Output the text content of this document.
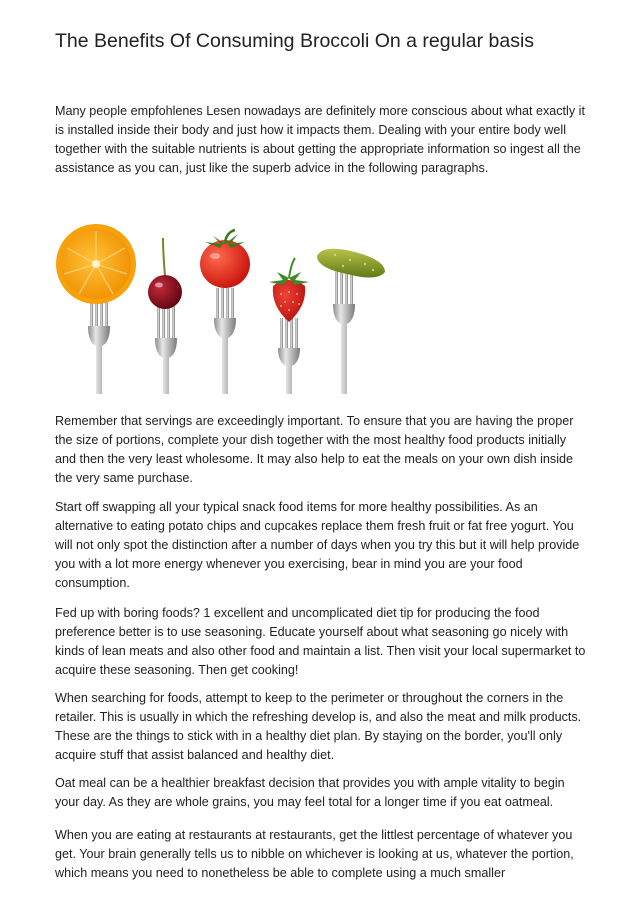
The Benefits Of Consuming Broccoli On a regular basis

Many people empfohlenes Lesen nowadays are definitely more conscious about what exactly it is installed inside their body and just how it impacts them. Dealing with your entire body well together with the suitable nutrients is about getting the appropriate information so ingest all the assistance as you can, just like the superb advice in the following paragraphs.

Remember that servings are exceedingly important. To ensure that you are having the proper the size of portions, complete your dish together with the most healthy food products initially and then the very least wholesome. It may also help to eat the meals on your own dish inside the very same purchase.

Start off swapping all your typical snack food items for more healthy possibilities. As an alternative to eating potato chips and cupcakes replace them fresh fruit or fat free yogurt. You will not only spot the distinction after a number of days when you try this but it will help provide you with a lot more energy whenever you exercising, bear in mind you are your food consumption.

Fed up with boring foods? 1 excellent and uncomplicated diet tip for producing the food preference better is to use seasoning. Educate yourself about what seasoning go nicely with kinds of lean meats and also other food and maintain a list. Then visit your local supermarket to acquire these seasoning. Then get cooking!

When searching for foods, attempt to keep to the perimeter or throughout the corners in the retailer. This is usually in which the refreshing develop is, and also the meat and milk products. These are the things to stick with in a healthy diet plan. By staying on the border, you'll only acquire stuff that assist balanced and healthy diet.

Oat meal can be a healthier breakfast decision that provides you with ample vitality to begin your day. As they are whole grains, you may feel total for a longer time if you eat oatmeal.

When you are eating at restaurants at restaurants, get the littlest percentage of whatever you get. Your brain generally tells us to nibble on whichever is looking at us, whatever the portion, which means you need to nonetheless be able to complete using a much smaller
